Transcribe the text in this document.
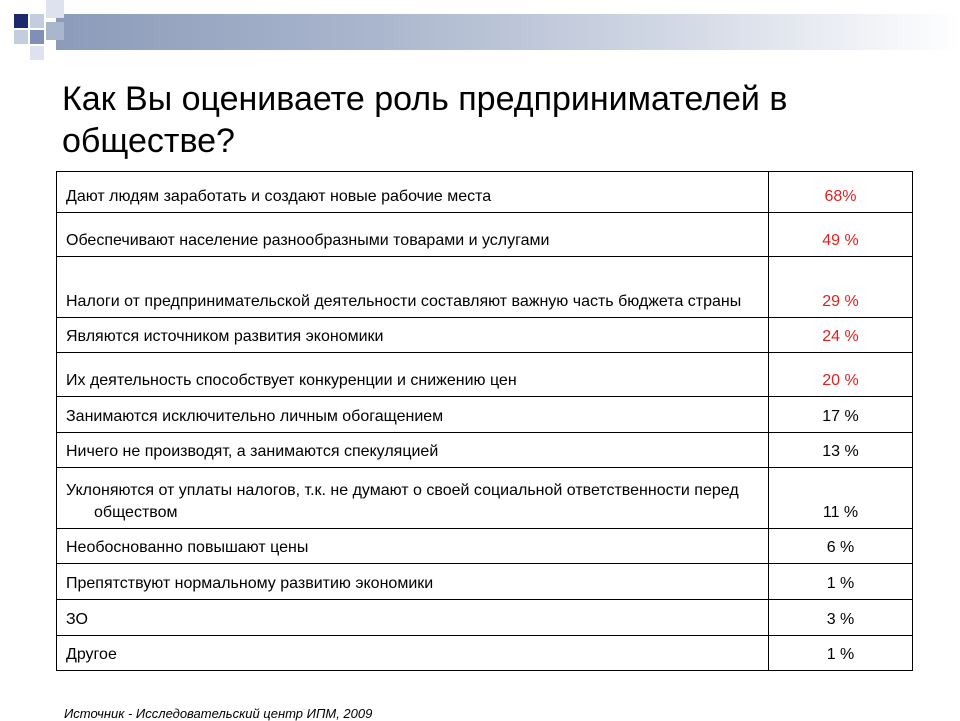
Как Вы оцениваете роль предпринимателей в обществе?
Дают людям заработать и создают новые рабочие места	68%

Обеспечивают население разнообразными товарами и услугами	49 %

Налоги от предпринимательской деятельности составляют важную часть бюджета страны	29 %

Являются источником развития экономики	24 %

Их деятельность способствует конкуренции и снижению цен	20 %

Занимаются исключительно личным обогащением	17 %

Ничего не производят, а занимаются спекуляцией	13 %

Уклоняются от уплаты налогов, т.к. не думают о своей социальной ответственности перед обществом	11 %

Необоснованно повышают цены	6 %

Препятствуют нормальному развитию экономики	1 %

ЗО	3 %

Другое	1 %
Источник - Исследовательский центр ИПМ, 2009
